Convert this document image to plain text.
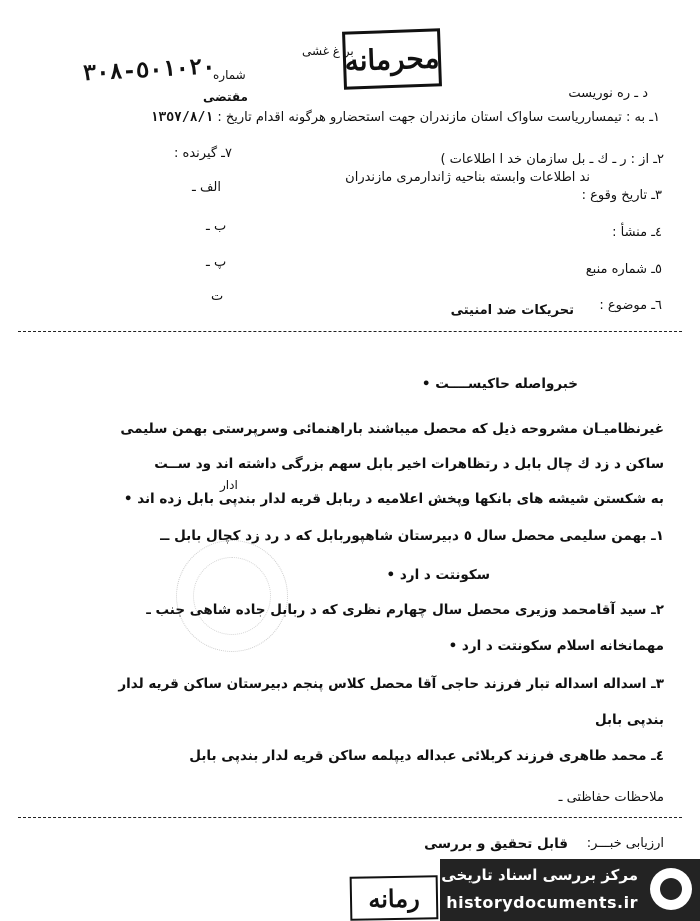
محرمانه
بر غ غشی
٥٠١٠٢٠-٣٠٨
شماره
مقتضی	د ـ ره نوریست
١ـ به : تیمسارریاست ساواک استان مازندران جهت استحضارو هرگونه اقدام تاریخ : ١٣٥٧/٨/١
٢ـ از : ر ـ ك ـ بل سازمان خد ا اطلاعات )
ند اطلاعات وابسته بناحیه ژاندارمری مازندران
٧ـ گیرنده :
الف ـ
ب ـ
پ ـ
ت
٣ـ تاریخ وقوع :
٤ـ منشأ :
٥ـ شماره منبع
٦ـ موضوع :
تحریکات ضد امنیتی
خبرواصله حاکیســــت •
غیرنظامیـان مشروحه ذیل که محصل میباشند باراهنمائی وسرپرستی بهمن سلیمی
ساکن د زد ك چال بابل د رتظاهرات اخیر بابل سهم بزرگی داشته اند ود ســت
ادار
به شکستن شیشه های بانکها وپخش اعلامیه د ربابل قریه لدار بندپی بابل زده اند •
١ـ بهمن سلیمی محصل سال ٥ دبیرستان شاهپوربابل که د رد زد كچال بابل ــ
سکونتت د ارد •
٢ـ سید آقامحمد وزیری محصل سال چهارم نظری که د ربابل جاده شاهی جنب ـ
مهمانخانه اسلام سکونتت د ارد •
٣ـ اسداله اسداله تبار فرزند حاجی آقا محصل کلاس پنجم دبیرستان ساکن قریه لدار
بندپی بابل
٤ـ محمد طاهری فرزند کربلائی عبداله دیپلمه ساکن قریه لدار بندپی بابل
ملاحظات حفاظتی ـ
ارزیابی خبـــر:
قابل تحقیق و بررسی
رمانه
مرکز بررسی اسناد تاریخی
historydocuments.ir
